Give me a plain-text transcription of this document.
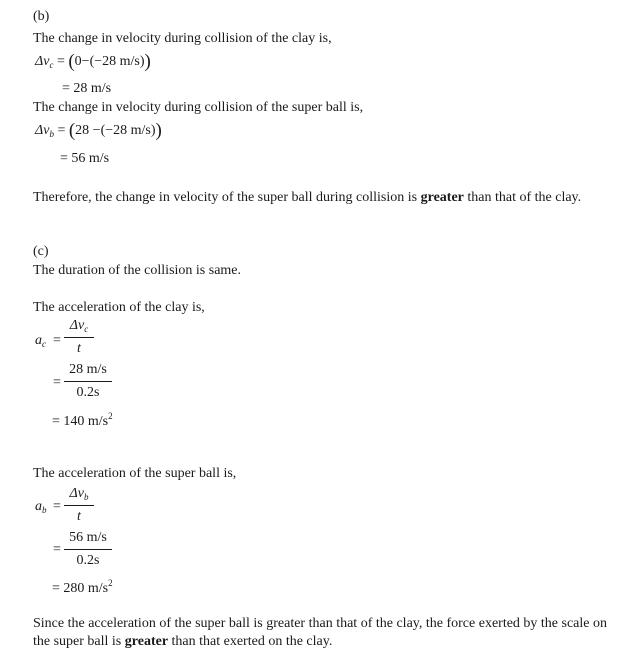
(b)
The change in velocity during collision of the clay is,
$\Delta v_c = (0-(-28$ m/s))
= 28 m/s
The change in velocity during collision of the super ball is,
$\Delta v_b = (28 -(-28$ m/s))
= 56 m/s
Therefore, the change in velocity of the super ball during collision is greater than that of the clay.
(c)
The duration of the collision is same.
The acceleration of the clay is,
$a_c$ =
$\Delta v_c$
t
=
28 m/s
0.2s
= 140 $m/s^2$
The acceleration of the super ball is,
$a_b$ =
$\Delta v_b$
t
=
56 m/s
0.2s
= 280 $m/s^2$
Since the acceleration of the super ball is greater than that of the clay, the force exerted by the scale on the super ball is greater than that exerted on the clay.
